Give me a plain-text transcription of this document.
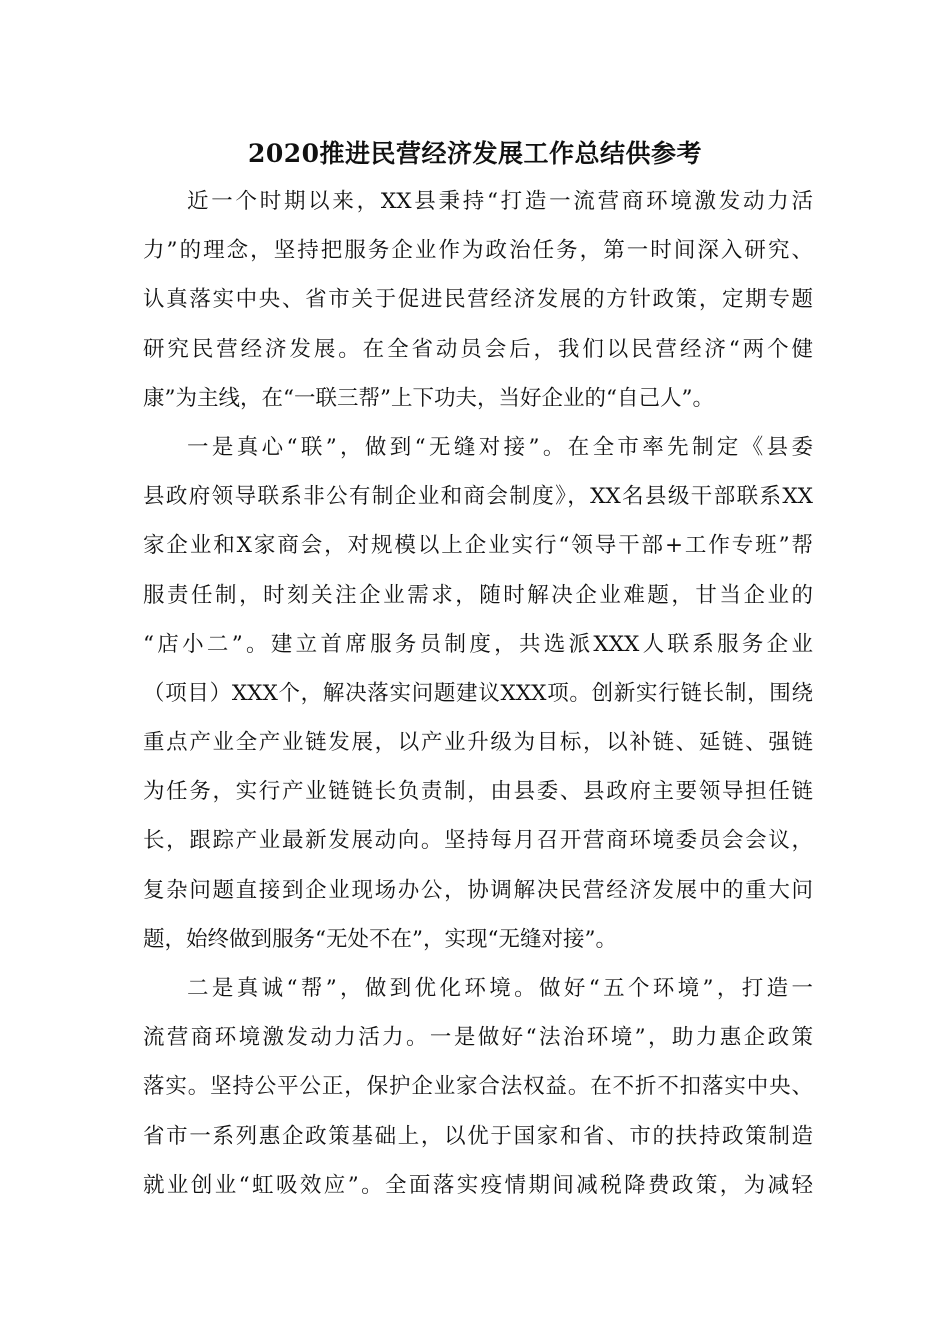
2020推进民营经济发展工作总结供参考
近一个时期以来，XX县秉持“打造一流营商环境激发动力活
力”的理念，坚持把服务企业作为政治任务，第一时间深入研究、
认真落实中央、省市关于促进民营经济发展的方针政策，定期专题
研究民营经济发展。在全省动员会后，我们以民营经济“两个健
康”为主线，在“一联三帮”上下功夫，当好企业的“自己人”。
一是真心“联”，做到“无缝对接”。在全市率先制定《县委
县政府领导联系非公有制企业和商会制度》，XX名县级干部联系XX
家企业和X家商会，对规模以上企业实行“领导干部+工作专班”帮
服责任制，时刻关注企业需求，随时解决企业难题，甘当企业的
“店小二”。建立首席服务员制度，共选派XXX人联系服务企业
（项目）XXX个，解决落实问题建议XXX项。创新实行链长制，围绕
重点产业全产业链发展，以产业升级为目标，以补链、延链、强链
为任务，实行产业链链长负责制，由县委、县政府主要领导担任链
长，跟踪产业最新发展动向。坚持每月召开营商环境委员会会议，
复杂问题直接到企业现场办公，协调解决民营经济发展中的重大问
题，始终做到服务“无处不在”，实现“无缝对接”。
二是真诚“帮”，做到优化环境。做好“五个环境”，打造一
流营商环境激发动力活力。一是做好“法治环境”，助力惠企政策
落实。坚持公平公正，保护企业家合法权益。在不折不扣落实中央、
省市一系列惠企政策基础上，以优于国家和省、市的扶持政策制造
就业创业“虹吸效应”。全面落实疫情期间减税降费政策，为减轻
